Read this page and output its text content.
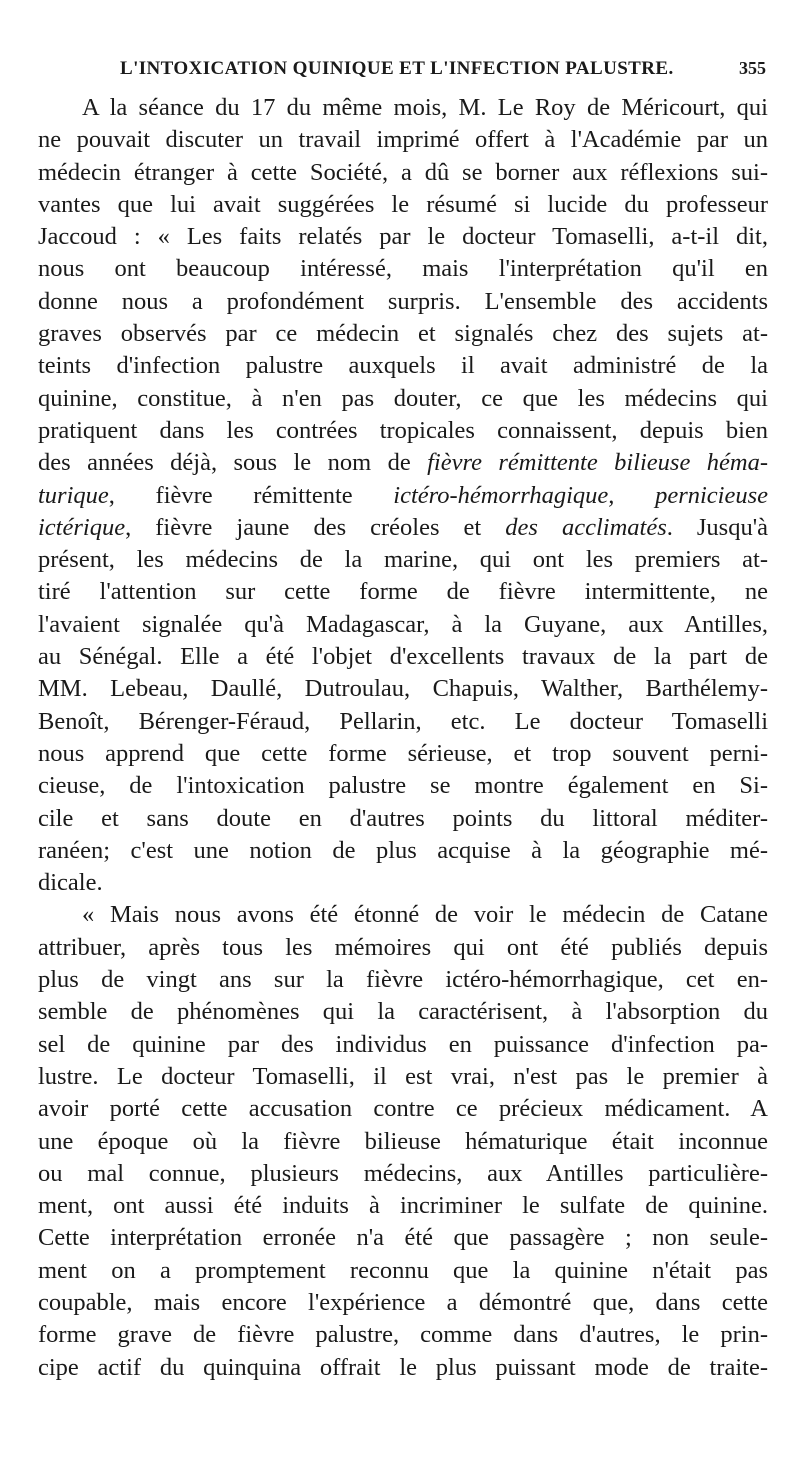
L'INTOXICATION QUINIQUE ET L'INFECTION PALUSTRE.	355
A la séance du 17 du même mois, M. Le Roy de Méricourt, qui
ne pouvait discuter un travail imprimé offert à l'Académie par un
médecin étranger à cette Société, a dû se borner aux réflexions sui-
vantes que lui avait suggérées le résumé si lucide du professeur
Jaccoud : « Les faits relatés par le docteur Tomaselli, a-t-il dit,
nous ont beaucoup intéressé, mais l'interprétation qu'il en
donne nous a profondément surpris. L'ensemble des accidents
graves observés par ce médecin et signalés chez des sujets at-
teints d'infection palustre auxquels il avait administré de la
quinine, constitue, à n'en pas douter, ce que les médecins qui
pratiquent dans les contrées tropicales connaissent, depuis bien
des années déjà, sous le nom de fièvre rémittente bilieuse héma-
turique, fièvre rémittente ictéro-hémorrhagique, pernicieuse
ictérique, fièvre jaune des créoles et des acclimatés. Jusqu'à
présent, les médecins de la marine, qui ont les premiers at-
tiré l'attention sur cette forme de fièvre intermittente, ne
l'avaient signalée qu'à Madagascar, à la Guyane, aux Antilles,
au Sénégal. Elle a été l'objet d'excellents travaux de la part de
MM. Lebeau, Daullé, Dutroulau, Chapuis, Walther, Barthélemy-
Benoît, Bérenger-Féraud, Pellarin, etc. Le docteur Tomaselli
nous apprend que cette forme sérieuse, et trop souvent perni-
cieuse, de l'intoxication palustre se montre également en Si-
cile et sans doute en d'autres points du littoral méditer-
ranéen; c'est une notion de plus acquise à la géographie mé-
dicale.
« Mais nous avons été étonné de voir le médecin de Catane
attribuer, après tous les mémoires qui ont été publiés depuis
plus de vingt ans sur la fièvre ictéro-hémorrhagique, cet en-
semble de phénomènes qui la caractérisent, à l'absorption du
sel de quinine par des individus en puissance d'infection pa-
lustre. Le docteur Tomaselli, il est vrai, n'est pas le premier à
avoir porté cette accusation contre ce précieux médicament. A
une époque où la fièvre bilieuse hématurique était inconnue
ou mal connue, plusieurs médecins, aux Antilles particulière-
ment, ont aussi été induits à incriminer le sulfate de quinine.
Cette interprétation erronée n'a été que passagère ; non seule-
ment on a promptement reconnu que la quinine n'était pas
coupable, mais encore l'expérience a démontré que, dans cette
forme grave de fièvre palustre, comme dans d'autres, le prin-
cipe actif du quinquina offrait le plus puissant mode de traite-
